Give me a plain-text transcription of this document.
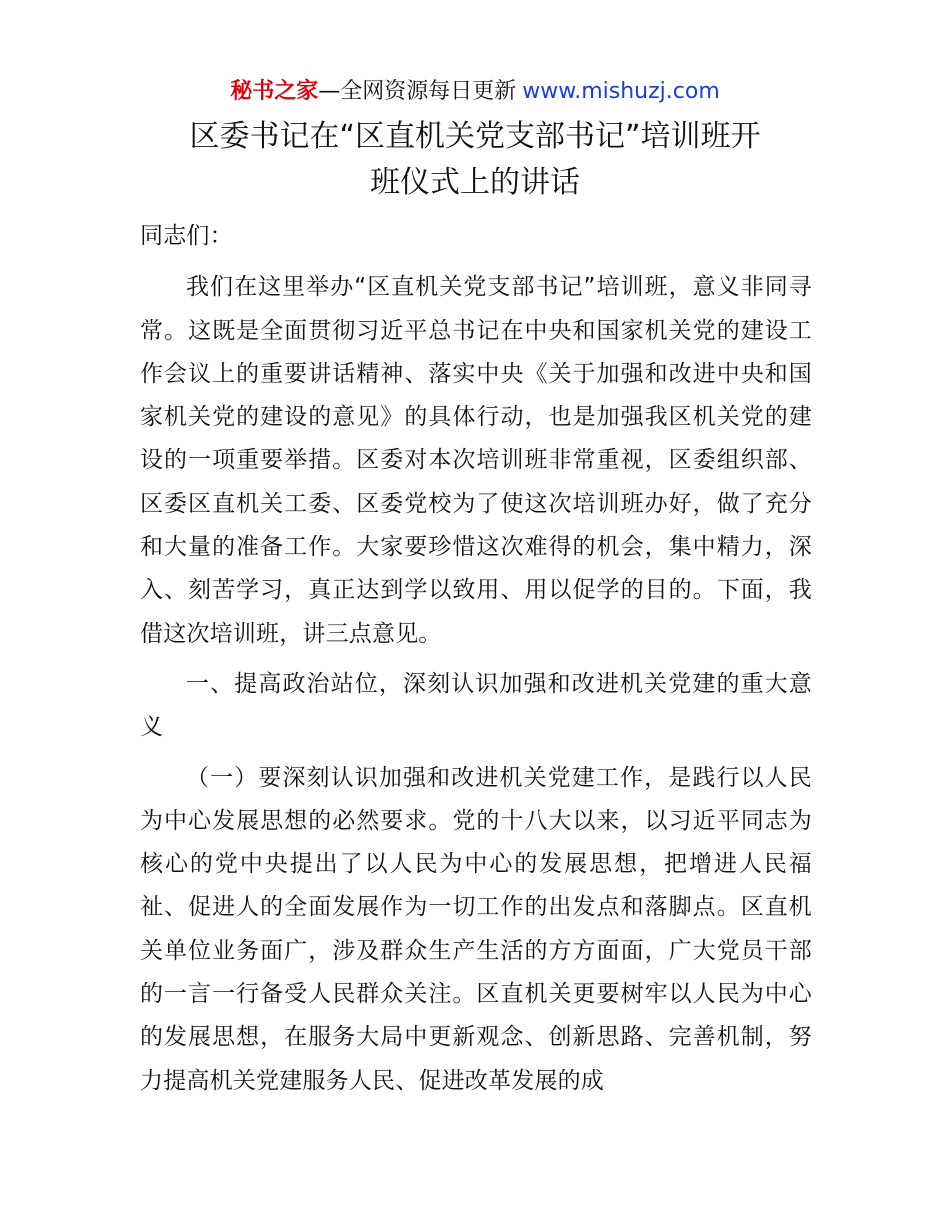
秘书之家—全网资源每日更新 www.mishuzj.com
区委书记在“区直机关党支部书记”培训班开
班仪式上的讲话

同志们：

我们在这里举办“区直机关党支部书记”培训班，意义非同寻常。这既是全面贯彻习近平总书记在中央和国家机关党的建设工作会议上的重要讲话精神、落实中央《关于加强和改进中央和国家机关党的建设的意见》的具体行动，也是加强我区机关党的建设的一项重要举措。区委对本次培训班非常重视，区委组织部、区委区直机关工委、区委党校为了使这次培训班办好，做了充分和大量的准备工作。大家要珍惜这次难得的机会，集中精力，深入、刻苦学习，真正达到学以致用、用以促学的目的。下面，我借这次培训班，讲三点意见。

一、提高政治站位，深刻认识加强和改进机关党建的重大意义

（一）要深刻认识加强和改进机关党建工作，是践行以人民为中心发展思想的必然要求。党的十八大以来，以习近平同志为核心的党中央提出了以人民为中心的发展思想，把增进人民福祉、促进人的全面发展作为一切工作的出发点和落脚点。区直机关单位业务面广，涉及群众生产生活的方方面面，广大党员干部的一言一行备受人民群众关注。区直机关更要树牢以人民为中心的发展思想，在服务大局中更新观念、创新思路、完善机制，努力提高机关党建服务人民、促进改革发展的成
